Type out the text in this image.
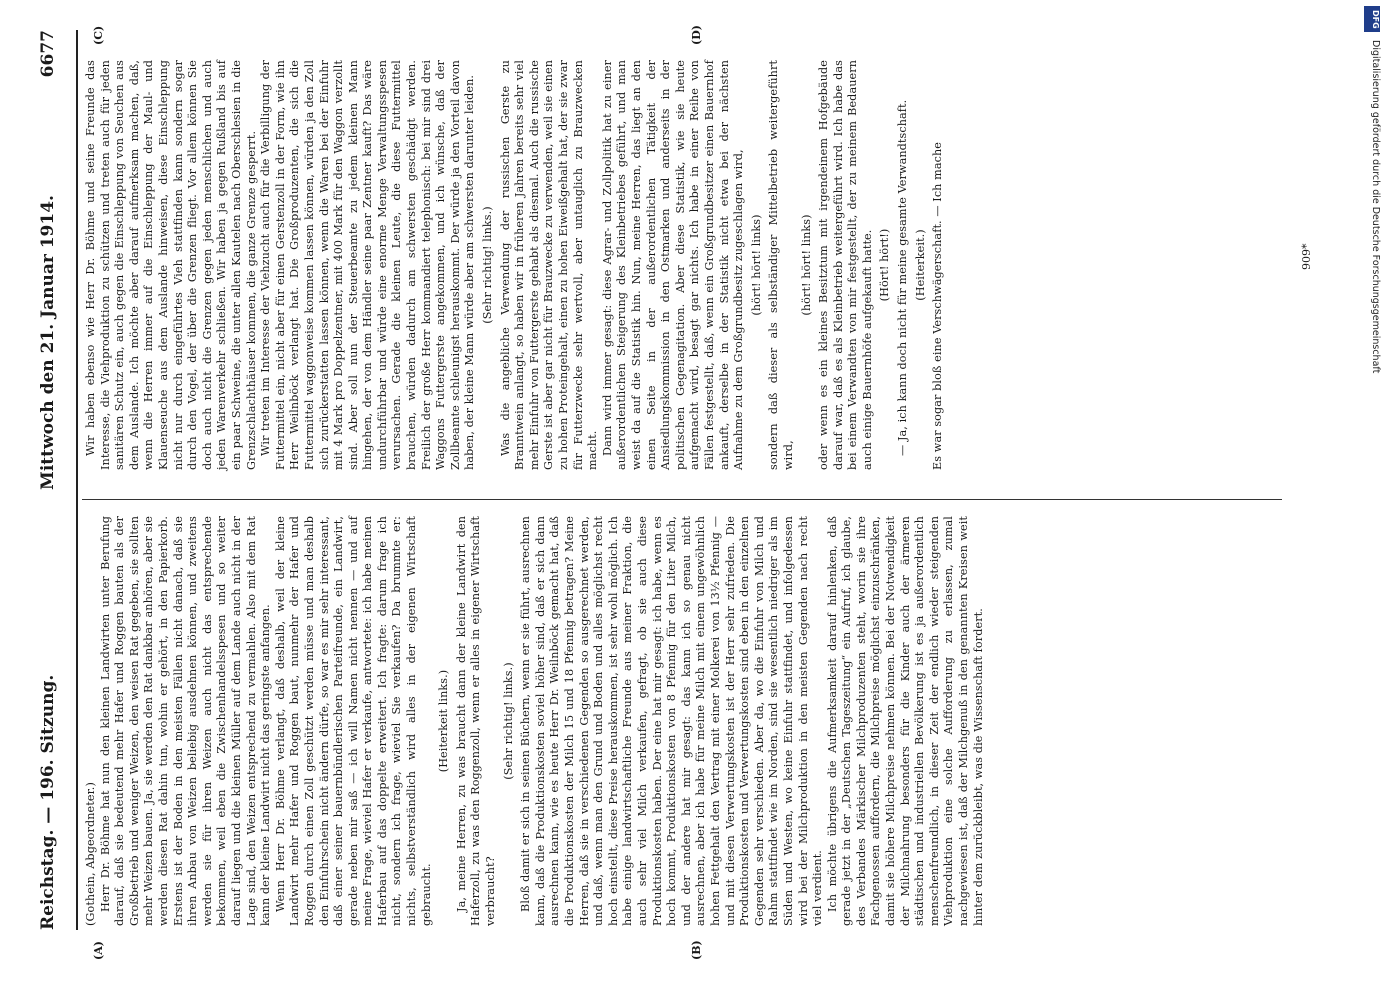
Reichstag. — 196. Sitzung.
Mittwoch den 21. Januar 1914.
6677
(A)	(B)
(C)	(D)

(Gothein, Abgeordneter.) Herr Dr. Böhme hat nun den kleinen Landwirten unter Berufung darauf, daß sie bedeutend mehr Hafer und Roggen bauten als der Großbetrieb und weniger Weizen, den weisen Rat gegeben, sie sollten mehr Weizen bauen. Ja, sie werden den Rat dankbar anhören, aber sie werden diesen Rat dahin tun, wohin er gehört, in den Papierkorb. Erstens ist der Boden in den meisten Fällen nicht danach, daß sie ihren Anbau von Weizen beliebig ausdehnen können, und zweitens werden sie für ihren Weizen auch nicht das entsprechende bekommen, weil eben die Zwischenhandelsspesen und so weiter darauf liegen und die kleinen Müller auf dem Lande auch nicht in der Lage sind, den Weizen entsprechend zu vermahlen. Also mit dem Rat kann der kleine Landwirt nicht das geringste anfangen. Wenn Herr Dr. Böhme verlangt, daß deshalb, weil der kleine Landwirt mehr Hafer und Roggen baut, nunmehr der Hafer und Roggen durch einen Zoll geschützt werden müsse und man deshalb den Einfuhrschein nicht ändern dürfe, so war es mir sehr interessant, daß einer seiner bauernbündlerischen Parteifreunde, ein Landwirt, gerade neben mir saß — ich will Namen nicht nennen — und auf meine Frage, wieviel Hafer er verkaufe, antwortete: ich habe meinen Haferbau auf das doppelte erweitert. Ich fragte: darum frage ich nicht, sondern ich frage, wieviel Sie verkaufen? Da brummte er: nichts, selbstverständlich wird alles in der eigenen Wirtschaft gebraucht.

(Heiterkeit links.) Ja, meine Herren, zu was braucht dann der kleine Landwirt den Haferzoll, zu was den Roggenzoll, wenn er alles in eigener Wirtschaft verbraucht?

(Sehr richtig! links.) Bloß damit er sich in seinen Büchern, wenn er sie führt, ausrechnen kann, daß die Produktionskosten soviel höher sind, daß er sich dann ausrechnen kann, wie es heute Herr Dr. Weilnböck gemacht hat, daß die Produktionskosten der Milch 15 und 18 Pfennig betragen? Meine Herren, daß sie in verschiedenen Gegenden so ausgerechnet werden, und daß, wenn man den Grund und Boden und alles möglichst recht hoch einstellt, diese Preise herauskommen, ist sehr wohl möglich. Ich habe einige landwirtschaftliche Freunde aus meiner Fraktion, die auch sehr viel Milch verkaufen, gefragt, ob sie auch diese Produktionskosten haben. Der eine hat mir gesagt: ich habe, wenn es hoch kommt, Produktionskosten von 8 Pfennig für den Liter Milch, und der andere hat mir gesagt: das kann ich so genau nicht ausrechnen, aber ich habe für meine Milch mit einem ungewöhnlich hohen Fettgehalt den Vertrag mit einer Molkerei von 13½ Pfennig — und mit diesen Verwertungskosten ist der Herr sehr zufrieden. Die Produktionskosten und Verwertungskosten sind eben in den einzelnen Gegenden sehr verschieden. Aber da, wo die Einfuhr von Milch und Rahm stattfindet wie im Norden, sind sie wesentlich niedriger als im Süden und Westen, wo keine Einfuhr stattfindet, und infolgedessen wird bei der Milchproduktion in den meisten Gegenden nach recht viel verdient. Ich möchte übrigens die Aufmerksamkeit darauf hinlenken, daß gerade jetzt in der „Deutschen Tageszeitung“ ein Aufruf, ich glaube, des Verbandes Märkischer Milchproduzenten steht, worin sie ihre Fachgenossen auffordern, die Milchpreise möglichst einzuschränken, damit sie höhere Milchpreise nehmen können. Bei der Notwendigkeit der Milchnahrung besonders für die Kinder auch der ärmeren städtischen und industriellen Bevölkerung ist es ja außerordentlich menschenfreundlich, in dieser Zeit der endlich wieder steigenden Viehproduktion eine solche Aufforderung zu erlassen, zumal nachgewiesen ist, daß der Milchgenuß in den genannten Kreisen weit hinter dem zurückbleibt, was die Wissenschaft fordert.

Wir haben ebenso wie Herr Dr. Böhme und seine Freunde das Interesse, die Viehproduktion zu schützen und treten auch für jeden sanitären Schutz ein, auch gegen die Einschleppung von Seuchen aus dem Auslande. Ich möchte aber darauf aufmerksam machen, daß, wenn die Herren immer auf die Einschleppung der Maul- und Klauenseuche aus dem Auslande hinweisen, diese Einschleppung nicht nur durch eingeführtes Vieh stattfinden kann sondern sogar durch den Vogel, der über die Grenzen fliegt. Vor allem können Sie doch auch nicht die Grenzen gegen jeden menschlichen und auch jeden Warenverkehr schließen. Wir haben ja gegen Rußland bis auf ein paar Schweine, die unter allen Kautelen nach Oberschlesien in die Grenzschlachthäuser kommen, die ganze Grenze gesperrt. Wir treten im Interesse der Viehzucht auch für die Verbilligung der Futtermittel ein, nicht aber für einen Gerstenzoll in der Form, wie ihn Herr Weilnböck verlangt hat. Die Großproduzenten, die sich die Futtermittel waggonweise kommen lassen können, würden ja den Zoll sich zurückerstatten lassen können, wenn die Waren bei der Einfuhr mit 4 Mark pro Doppelzentner, mit 400 Mark für den Waggon verzollt sind. Aber soll nun der Steuerbeamte zu jedem kleinen Mann hingehen, der von dem Händler seine paar Zentner kauft? Das wäre undurchführbar und würde eine enorme Menge Verwaltungsspesen verursachen. Gerade die kleinen Leute, die diese Futtermittel brauchen, würden dadurch am schwersten geschädigt werden. Freilich der große Herr kommandiert telephonisch: bei mir sind drei Waggons Futtergerste angekommen, und ich wünsche, daß der Zollbeamte schleunigst herauskommt. Der würde ja den Vorteil davon haben, der kleine Mann würde aber am schwersten darunter leiden. (Sehr richtig! links.) Was die angebliche Verwendung der russischen Gerste zu Branntwein anlangt, so haben wir in früheren Jahren bereits sehr viel mehr Einfuhr von Futtergerste gehabt als diesmal. Auch die russische Gerste ist aber gar nicht für Brauzwecke zu verwenden, weil sie einen zu hohen Proteingehalt, einen zu hohen Eiweißgehalt hat, der sie zwar für Futterzwecke sehr wertvoll, aber untauglich zu Brauzwecken macht. Dann wird immer gesagt: diese Agrar- und Zollpolitik hat zu einer außerordentlichen Steigerung des Kleinbetriebes geführt, und man weist da auf die Statistik hin. Nun, meine Herren, das liegt an den einen Seite in der außerordentlichen Tätigkeit der Ansiedlungskommission in den Ostmarken und anderseits in der politischen Gegenagitation. Aber diese Statistik, wie sie heute aufgemacht wird, besagt gar nichts. Ich habe in einer Reihe von Fällen festgestellt, daß, wenn ein Großgrundbesitzer einen Bauernhof ankauft, derselbe in der Statistik nicht etwa bei der nächsten Aufnahme zu dem Großgrundbesitz zugeschlagen wird, (hört! hört! links) sondern daß dieser als selbständiger Mittelbetrieb weitergeführt wird,

(hört! hört! links) oder wenn es ein kleines Besitztum mit irgendeinem Hofgebäude darauf war, daß es als Kleinbetrieb weitergeführt wird. Ich habe das bei einem Verwandten von mir festgestellt, der zu meinem Bedauern auch einige Bauernhöfe aufgekauft hatte. (Hört! hört!) — Ja, ich kann doch nicht für meine gesamte Verwandtschaft. (Heiterkeit.) Es war sogar bloß eine Verschwägerschaft. — Ich mache	909*
DFG
Digitalisierung gefördert durch die Deutsche Forschungsgemeinschaft
